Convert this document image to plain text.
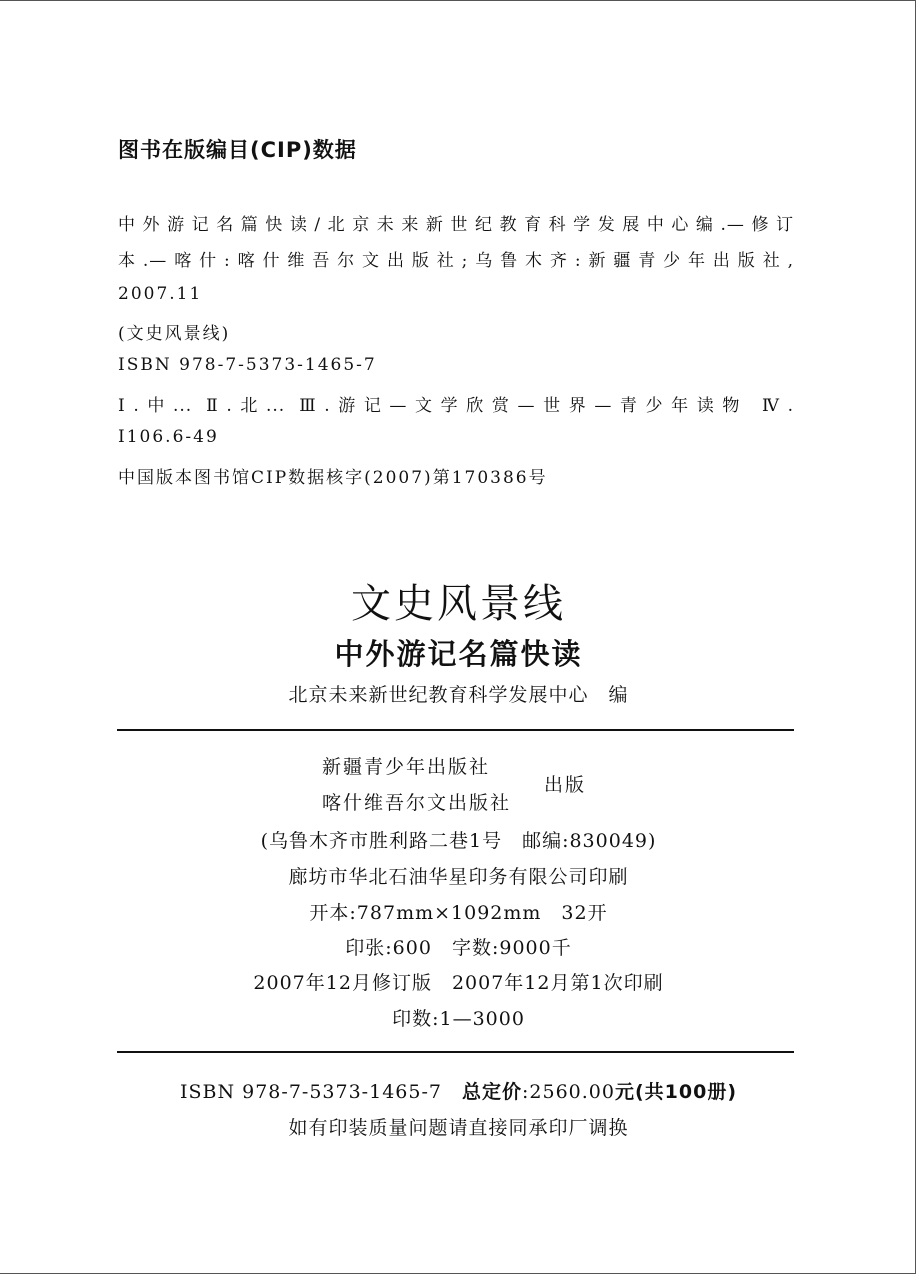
图书在版编目(CIP)数据
中外游记名篇快读/北京未来新世纪教育科学发展中心编.—修订
本.—喀什:喀什维吾尔文出版社;乌鲁木齐:新疆青少年出版社,
2007.11
(文史风景线)
ISBN 978-7-5373-1465-7
Ⅰ.中... Ⅱ.北... Ⅲ.游记—文学欣赏—世界—青少年读物 Ⅳ.
I106.6-49
中国版本图书馆CIP数据核字(2007)第170386号
文史风景线
中外游记名篇快读
北京未来新世纪教育科学发展中心　编
新疆青少年出版社
喀什维吾尔文出版社
出版
(乌鲁木齐市胜利路二巷1号　邮编:830049)
廊坊市华北石油华星印务有限公司印刷
开本:787mm×1092mm　32开
印张:600　字数:9000千
2007年12月修订版　2007年12月第1次印刷
印数:1—3000
ISBN 978-7-5373-1465-7　 总定价:2560.00元(共100册)
如有印装质量问题请直接同承印厂调换
